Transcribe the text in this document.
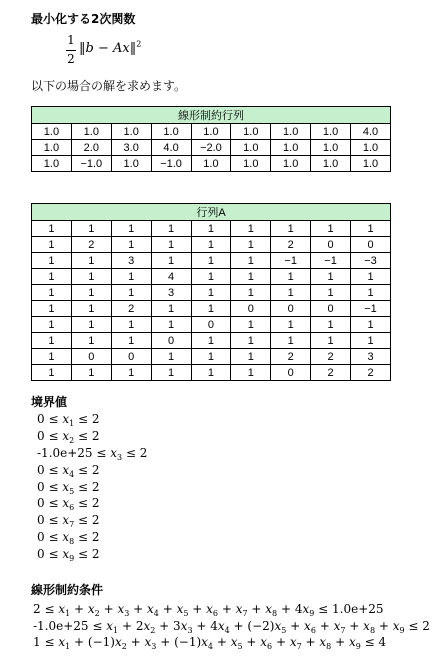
最小化する2次関数
1
2
‖b − Ax‖$^2$
以下の場合の解を求めます。
線形制約行列								
1.0	1.0	1.0	1.0	1.0	1.0	1.0	1.0	4.0
1.0	2.0	3.0	4.0	−2.0	1.0	1.0	1.0	1.0
1.0	−1.0	1.0	−1.0	1.0	1.0	1.0	1.0	1.0
行列A								
1	1	1	1	1	1	1	1	1
1	2	1	1	1	1	2	0	0
1	1	3	1	1	1	−1	−1	−3
1	1	1	4	1	1	1	1	1
1	1	1	3	1	1	1	1	1
1	1	2	1	1	0	0	0	−1
1	1	1	1	0	1	1	1	1
1	1	1	0	1	1	1	1	1
1	0	0	1	1	1	2	2	3
1	1	1	1	1	1	0	2	2
境界値
$0 \le x_1 \le 2$
$0 \le x_2 \le 2$
$-1.0e+25 \le x_3 \le 2$
$0 \le x_4 \le 2$
$0 \le x_5 \le 2$
$0 \le x_6 \le 2$
$0 \le x_7 \le 2$
$0 \le x_8 \le 2$
$0 \le x_9 \le 2$
線形制約条件
$2 \le x_1 + x_2 + x_3 + x_4 + x_5 + x_6 + x_7 + x_8 + 4x_9 \le 1.0e+25$
$-1.0e+25 \le x_1 + 2x_2 + 3x_3 + 4x_4 + (-2)x_5 + x_6 + x_7 + x_8 + x_9 \le 2$
$1 \le x_1 + (-1)x_2 + x_3 + (-1)x_4 + x_5 + x_6 + x_7 + x_8 + x_9 \le 4$
